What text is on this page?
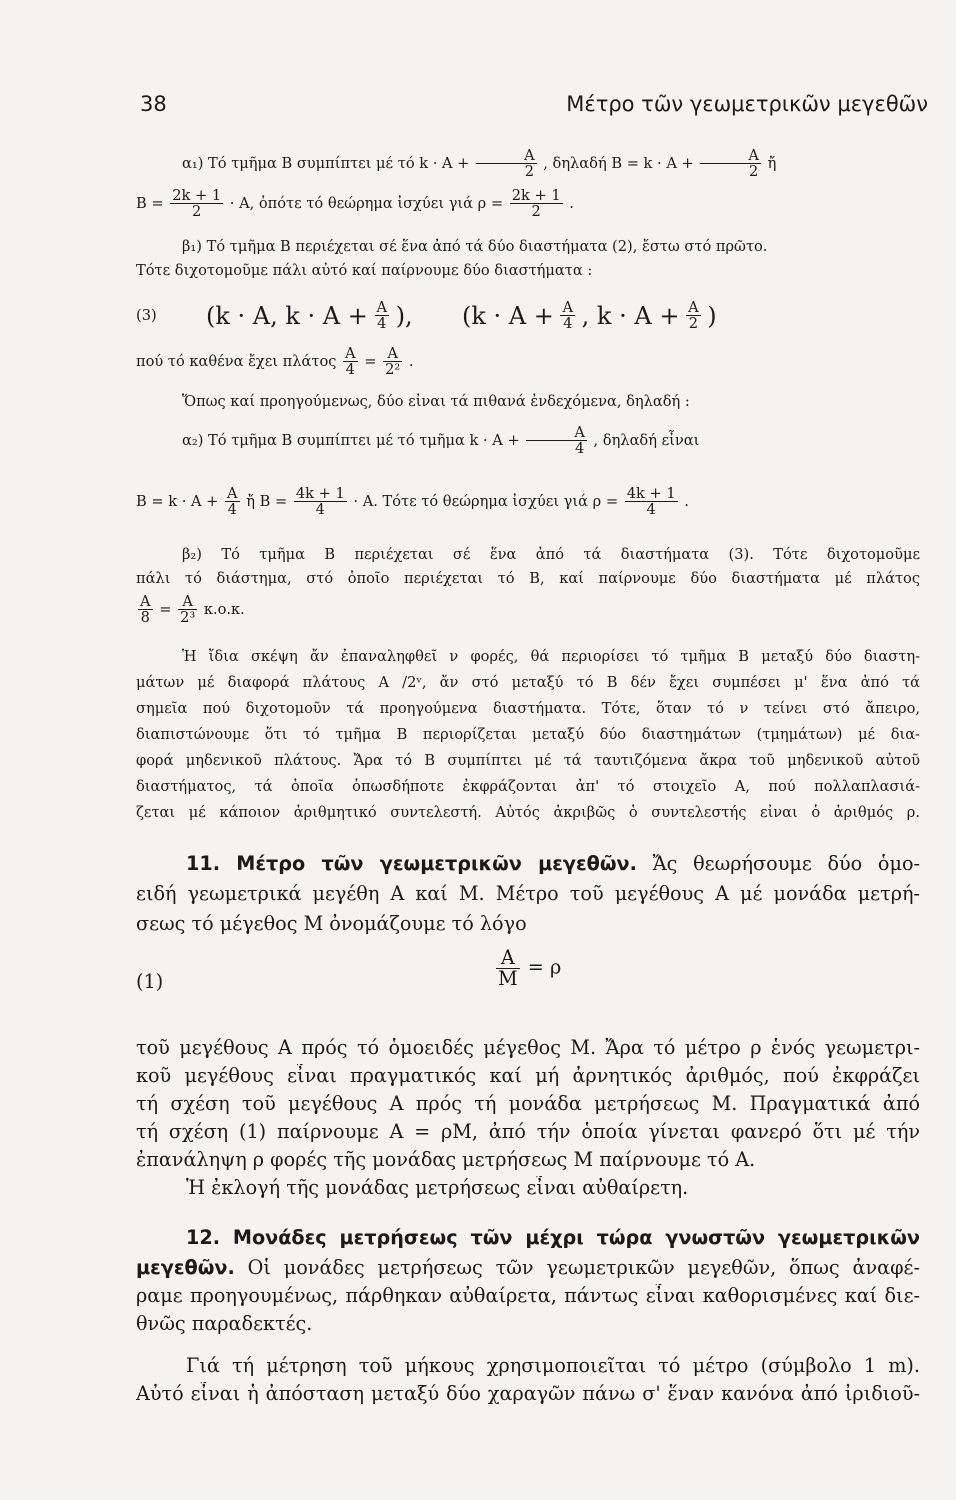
38	Μέτρο τῶν γεωμετρικῶν μεγεθῶν
α₁) Τό τμῆμα B συμπίπτει μέ τό $k \cdot A + \frac{A}{2}$ , δηλαδή $B = k \cdot A + \frac{A}{2}$ ἤ
$B = \frac{2k + 1}{2} \cdot A$, ὁπότε τό θεώρημα ἰσχύει γιά $\rho = \frac{2k + 1}{2}$ .
β₁) Τό τμῆμα B περιέχεται σέ ἕνα ἀπό τά δύο διαστήματα (2), ἔστω στό πρῶτο.
Τότε διχοτομοῦμε πάλι αὐτό καί παίρνουμε δύο διαστήματα :
(3) (k · A, $k \cdot A + \frac{A}{4}$ ), ($k \cdot A + \frac{A}{4}$ , $k \cdot A + \frac{A}{2}$ )
πού τό καθένα ἔχει πλάτος $\frac{A}{4} = \frac{A}{\text{2²}}$ .
Ὅπως καί προηγούμενως, δύο εἶναι τά πιθανά ἐνδεχόμενα, δηλαδή :
α₂) Τό τμῆμα B συμπίπτει μέ τό τμῆμα $k \cdot A + \frac{A}{4}$ , δηλαδή εἶναι
$B = k \cdot A + \frac{A}{4}$ ἤ $B = \frac{4k + 1}{4} \cdot A$. Τότε τό θεώρημα ἰσχύει γιά $\rho = \frac{4k + 1}{4}$ .
β₂) Τό τμῆμα B περιέχεται σέ ἕνα ἀπό τά διαστήματα (3). Τότε διχοτομοῦμε
πάλι τό διάστημα, στό ὁποῖο περιέχεται τό B, καί παίρνουμε δύο διαστήματα μέ πλάτος
$\frac{A}{8} = \frac{A}{\text{2³}} \kappa.o.\kappa$.
Ἡ ἴδια σκέψη ἄν ἐπαναληφθεῖ ν φορές, θά περιορίσει τό τμῆμα B μεταξύ δύο διαστη-
μάτων μέ διαφορά πλάτους A /2ᵛ, ἄν στό μεταξύ τό B δέν ἔχει συμπέσει μ' ἕνα ἀπό τά
σημεῖα πού διχοτομοῦν τά προηγούμενα διαστήματα. Τότε, ὅταν τό ν τείνει στό ἄπειρο,
διαπιστώνουμε ὅτι τό τμῆμα B περιορίζεται μεταξύ δύο διαστημάτων (τμημάτων) μέ δια-
φορά μηδενικοῦ πλάτους. Ἄρα τό B συμπίπτει μέ τά ταυτιζόμενα ἄκρα τοῦ μηδενικοῦ αὐτοῦ
διαστήματος, τά ὁποῖα ὁπωσδήποτε ἐκφράζονται ἀπ' τό στοιχεῖο A, πού πολλαπλασιά-
ζεται μέ κάποιον ἀριθμητικό συντελεστή. Αὐτός ἀκριβῶς ὁ συντελεστής εἶναι ὁ ἀριθμός ρ.
11. Μέτρο τῶν γεωμετρικῶν μεγεθῶν. Ἄς θεωρήσουμε δύο ὁμο-
ειδή γεωμετρικά μεγέθη A καί M. Μέτρο τοῦ μεγέθους A μέ μονάδα μετρή-
σεως τό μέγεθος M ὀνομάζουμε τό λόγο
(1)	$\frac{A}{M} = \rho$
τοῦ μεγέθους A πρός τό ὁμοειδές μέγεθος M. Ἄρα τό μέτρο ρ ἑνός γεωμετρι-
κοῦ μεγέθους εἶναι πραγματικός καί μή ἀρνητικός ἀριθμός, πού ἐκφράζει
τή σχέση τοῦ μεγέθους A πρός τή μονάδα μετρήσεως M. Πραγματικά ἀπό
τή σχέση (1) παίρνουμε A = ρM, ἀπό τήν ὁποία γίνεται φανερό ὅτι μέ τήν
ἐπανάληψη ρ φορές τῆς μονάδας μετρήσεως M παίρνουμε τό A.
Ἡ ἐκλογή τῆς μονάδας μετρήσεως εἶναι αὐθαίρετη.
12. Μονάδες μετρήσεως τῶν μέχρι τώρα γνωστῶν γεωμετρικῶν
μεγεθῶν. Οἱ μονάδες μετρήσεως τῶν γεωμετρικῶν μεγεθῶν, ὅπως ἀναφέ-
ραμε προηγουμένως, πάρθηκαν αὐθαίρετα, πάντως εἶναι καθορισμένες καί διε-
θνῶς παραδεκτές.
Γιά τή μέτρηση τοῦ μήκους χρησιμοποιεῖται τό μέτρο (σύμβολο 1 m).
Αὐτό εἶναι ἡ ἀπόσταση μεταξύ δύο χαραγῶν πάνω σ' ἕναν κανόνα ἀπό ἰριδιοῦ-
